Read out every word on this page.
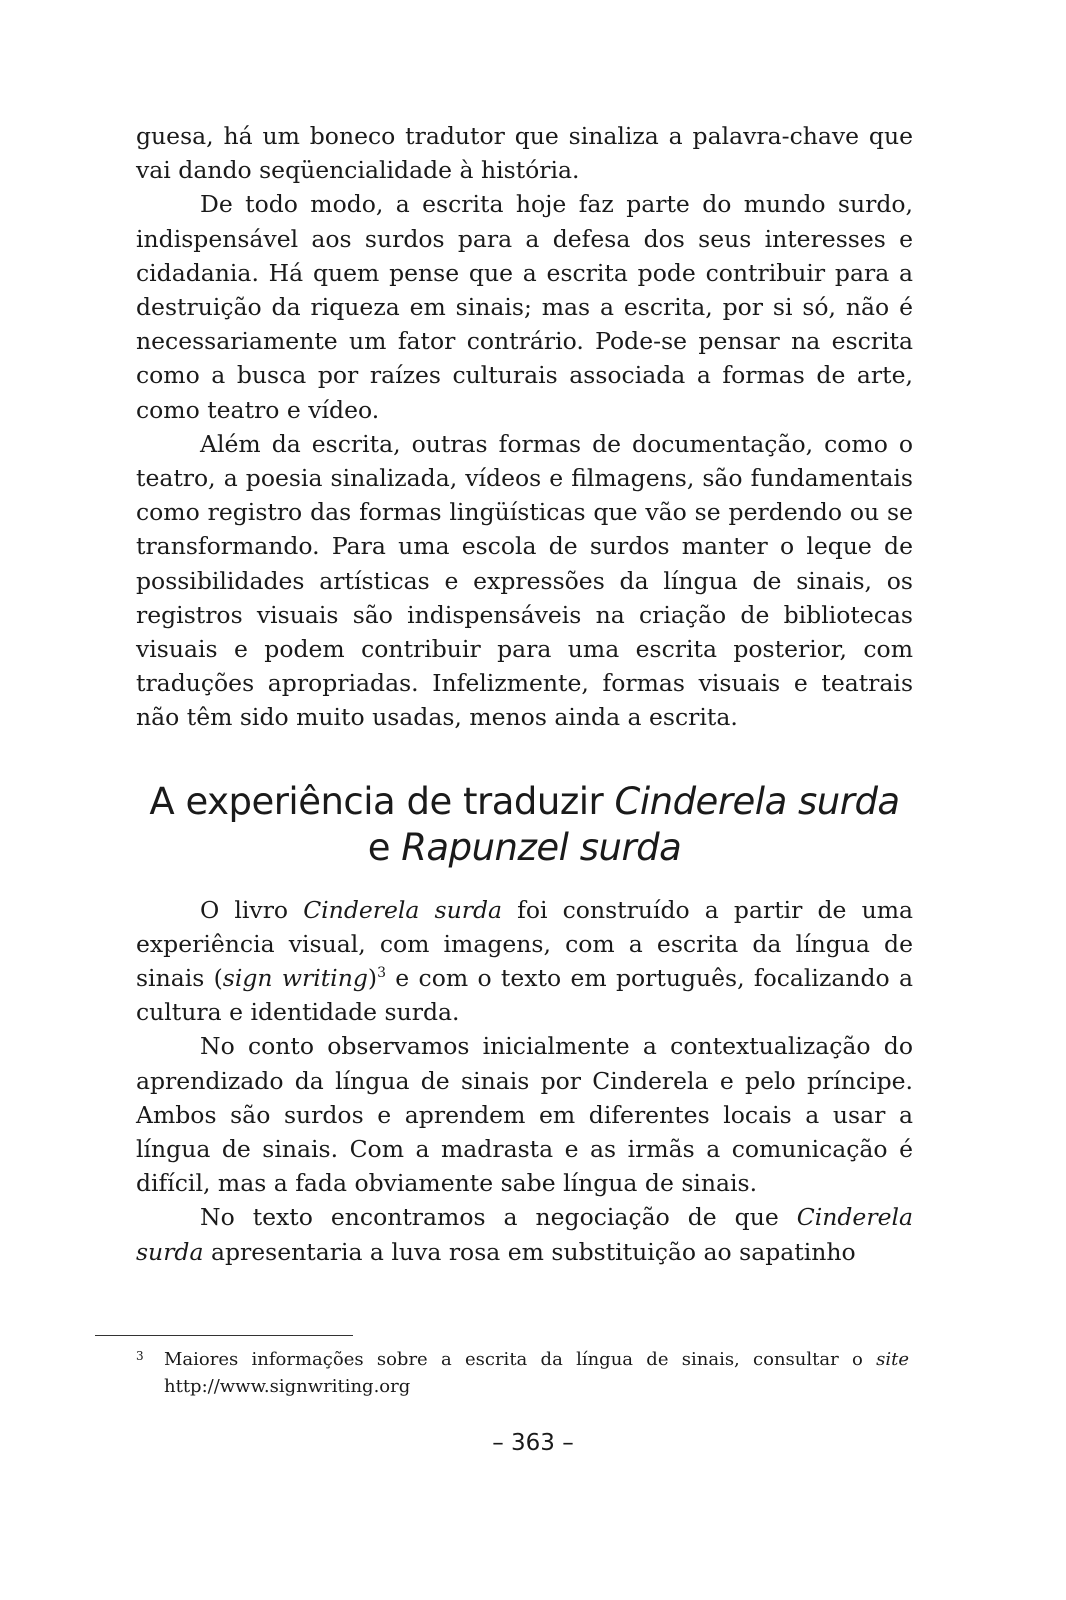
guesa, há um boneco tradutor que sinaliza a palavra-chave que vai dando seqüencialidade à história.

De todo modo, a escrita hoje faz parte do mundo surdo, indispensável aos surdos para a defesa dos seus interesses e cidadania. Há quem pense que a escrita pode contribuir para a destruição da riqueza em sinais; mas a escrita, por si só, não é necessariamente um fator contrário. Pode-se pensar na escrita como a busca por raízes culturais associada a formas de arte, como teatro e vídeo.

Além da escrita, outras formas de documentação, como o teatro, a poesia sinalizada, vídeos e filmagens, são fundamentais como registro das formas lingüísticas que vão se perdendo ou se transformando. Para uma escola de surdos manter o leque de possibilidades artísticas e expressões da língua de sinais, os registros visuais são indispensáveis na criação de bibliotecas visuais e podem contribuir para uma escrita posterior, com traduções apropriadas. Infelizmente, formas visuais e teatrais não têm sido muito usadas, menos ainda a escrita.

A experiência de traduzir Cinderela surda e Rapunzel surda

O livro Cinderela surda foi construído a partir de uma experiência visual, com imagens, com a escrita da língua de sinais (sign writing)$^3$ e com o texto em português, focalizando a cultura e identidade surda.

No conto observamos inicialmente a contextualização do aprendizado da língua de sinais por Cinderela e pelo príncipe. Ambos são surdos e aprendem em diferentes locais a usar a língua de sinais. Com a madrasta e as irmãs a comunicação é difícil, mas a fada obviamente sabe língua de sinais.

No texto encontramos a negociação de que Cinderela surda apresentaria a luva rosa em substituição ao sapatinho

3 Maiores informações sobre a escrita da língua de sinais, consultar o site http://www.signwriting.org
– 363 –
